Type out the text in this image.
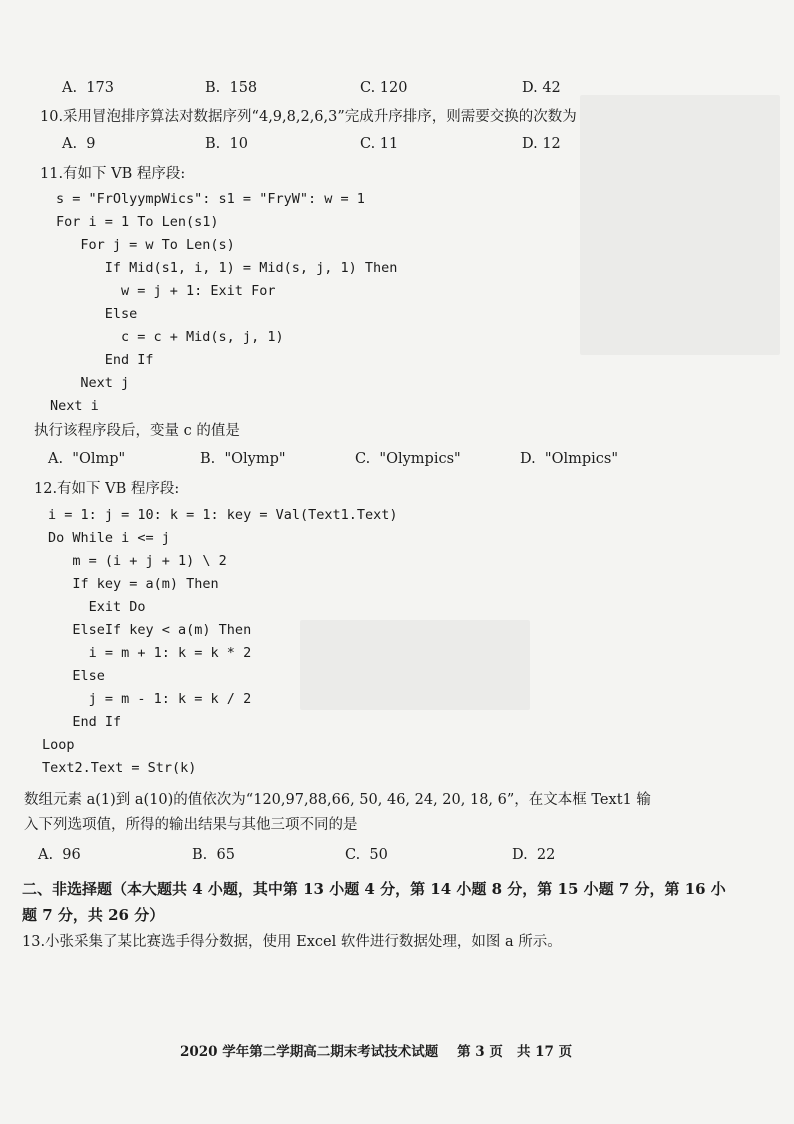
A.  173	B.  158	C. 120	D. 42
10.采用冒泡排序算法对数据序列“4,9,8,2,6,3”完成升序排序，则需要交换的次数为
A.  9	B.  10	C. 11	D. 12
11.有如下 VB 程序段:
s = "FrOlyympWics": s1 = "FryW": w = 1
For i = 1 To Len(s1)
For j = w To Len(s)
If Mid(s1, i, 1) = Mid(s, j, 1) Then
w = j + 1: Exit For
Else
c = c + Mid(s, j, 1)
End If
Next j
Next i
执行该程序段后，变量 c 的值是
A.  "Olmp"	B.  "Olymp"	C.  "Olympics"	D.  "Olmpics"
12.有如下 VB 程序段:
i = 1: j = 10: k = 1: key = Val(Text1.Text)
Do While i <= j
m = (i + j + 1) \ 2
If key = a(m) Then
Exit Do
ElseIf key < a(m) Then
i = m + 1: k = k * 2
Else
j = m - 1: k = k / 2
End If
Loop
Text2.Text = Str(k)
数组元素 a(1)到 a(10)的值依次为“120,97,88,66, 50, 46, 24, 20, 18, 6”，在文本框 Text1 输
入下列选项值，所得的输出结果与其他三项不同的是
A.  96	B.  65	C.  50	D.  22
二、非选择题（本大题共 4 小题，其中第 13 小题 4 分，第 14 小题 8 分，第 15 小题 7 分，第 16 小
题 7 分，共 26 分）
13.小张采集了某比赛选手得分数据，使用 Excel 软件进行数据处理，如图 a 所示。
2020 学年第二学期高二期末考试技术试题    第 3 页   共 17 页
